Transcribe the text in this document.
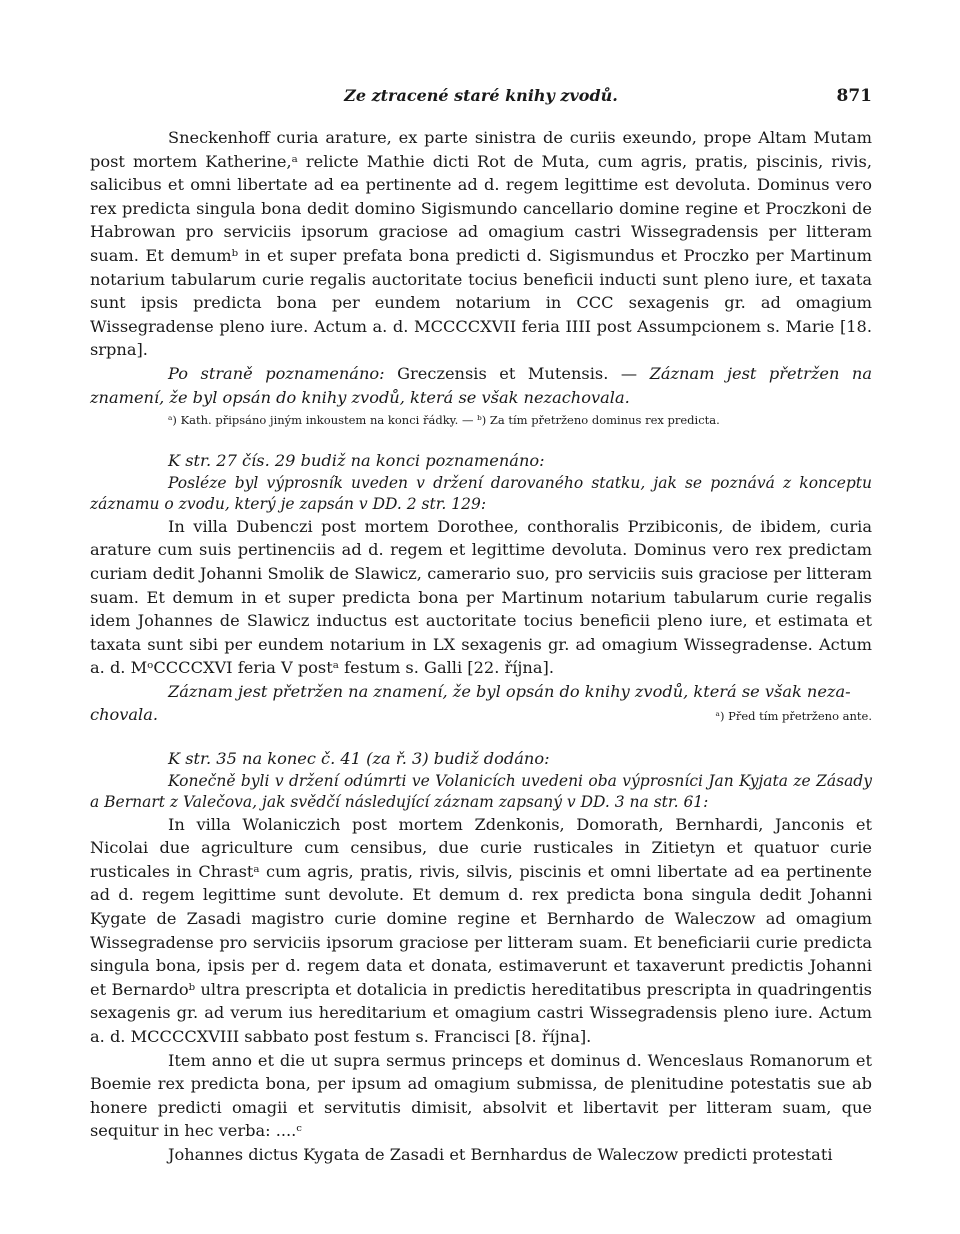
Ze ztracené staré knihy zvodů.	871

Sneckenhoff curia arature, ex parte sinistra de curiis exeundo, prope Altam Mutam post mortem Katherine,ᵃ relicte Mathie dicti Rot de Muta, cum agris, pratis, piscinis, rivis, salicibus et omni libertate ad ea pertinente ad d. regem legittime est devoluta. Dominus vero rex predicta singula bona dedit domino Sigismundo cancellario domine regine et Proczkoni de Habrowan pro serviciis ipsorum graciose ad omagium castri Wissegradensis per litteram suam. Et demumᵇ in et super prefata bona predicti d. Sigismundus et Proczko per Martinum notarium tabularum curie regalis auctoritate tocius beneficii inducti sunt pleno iure, et taxata sunt ipsis predicta bona per eundem notarium in CCC sexagenis gr. ad omagium Wissegradense pleno iure. Actum a. d. MCCCCXVII feria IIII post Assumpcionem s. Marie [18. srpna].

Po straně poznamenáno: Greczensis et Mutensis. — Záznam jest přetržen na znamení, že byl opsán do knihy zvodů, která se však nezachovala.

ᵃ) Kath. připsáno jiným inkoustem na konci řádky. — ᵇ) Za tím přetrženo dominus rex predicta.

K str. 27 čís. 29 budiž na konci poznamenáno:

Posléze byl výprosník uveden v držení darovaného statku, jak se poznává z konceptu záznamu o zvodu, který je zapsán v DD. 2 str. 129:

In villa Dubenczi post mortem Dorothee, conthoralis Przibiconis, de ibidem, curia arature cum suis pertinenciis ad d. regem et legittime devoluta. Dominus vero rex predictam curiam dedit Johanni Smolik de Slawicz, camerario suo, pro serviciis suis graciose per litteram suam. Et demum in et super predicta bona per Martinum notarium tabularum curie regalis idem Johannes de Slawicz inductus est auctoritate tocius beneficii pleno iure, et estimata et taxata sunt sibi per eundem notarium in LX sexagenis gr. ad omagium Wissegradense. Actum a. d. MᵒCCCCXVI feria V postᵃ festum s. Galli [22. října].

Záznam jest přetržen na znamení, že byl opsán do knihy zvodů, která se však neza-

chovala.	ᵃ) Před tím přetrženo ante.

K str. 35 na konec č. 41 (za ř. 3) budiž dodáno:

Konečně byli v držení odúmrti ve Volanicích uvedeni oba výprosníci Jan Kyjata ze Zásady a Bernart z Valečova, jak svědčí následující záznam zapsaný v DD. 3 na str. 61:

In villa Wolaniczich post mortem Zdenkonis, Domorath, Bernhardi, Janconis et Nicolai due agriculture cum censibus, due curie rusticales in Zitietyn et quatuor curie rusticales in Chrastᵃ cum agris, pratis, rivis, silvis, piscinis et omni libertate ad ea pertinente ad d. regem legittime sunt devolute. Et demum d. rex predicta bona singula dedit Johanni Kygate de Zasadi magistro curie domine regine et Bernhardo de Waleczow ad omagium Wissegradense pro serviciis ipsorum graciose per litteram suam. Et beneficiarii curie predicta singula bona, ipsis per d. regem data et donata, estimaverunt et taxaverunt predictis Johanni et Bernardoᵇ ultra prescripta et dotalicia in predictis hereditatibus prescripta in quadringentis sexagenis gr. ad verum ius hereditarium et omagium castri Wissegradensis pleno iure. Actum a. d. MCCCCXVIII sabbato post festum s. Francisci [8. října].

Item anno et die ut supra sermus princeps et dominus d. Wenceslaus Romanorum et Boemie rex predicta bona, per ipsum ad omagium submissa, de plenitudine potestatis sue ab honere predicti omagii et servitutis dimisit, absolvit et libertavit per litteram suam, que sequitur in hec verba: ....ᶜ

Johannes dictus Kygata de Zasadi et Bernhardus de Waleczow predicti protestati
